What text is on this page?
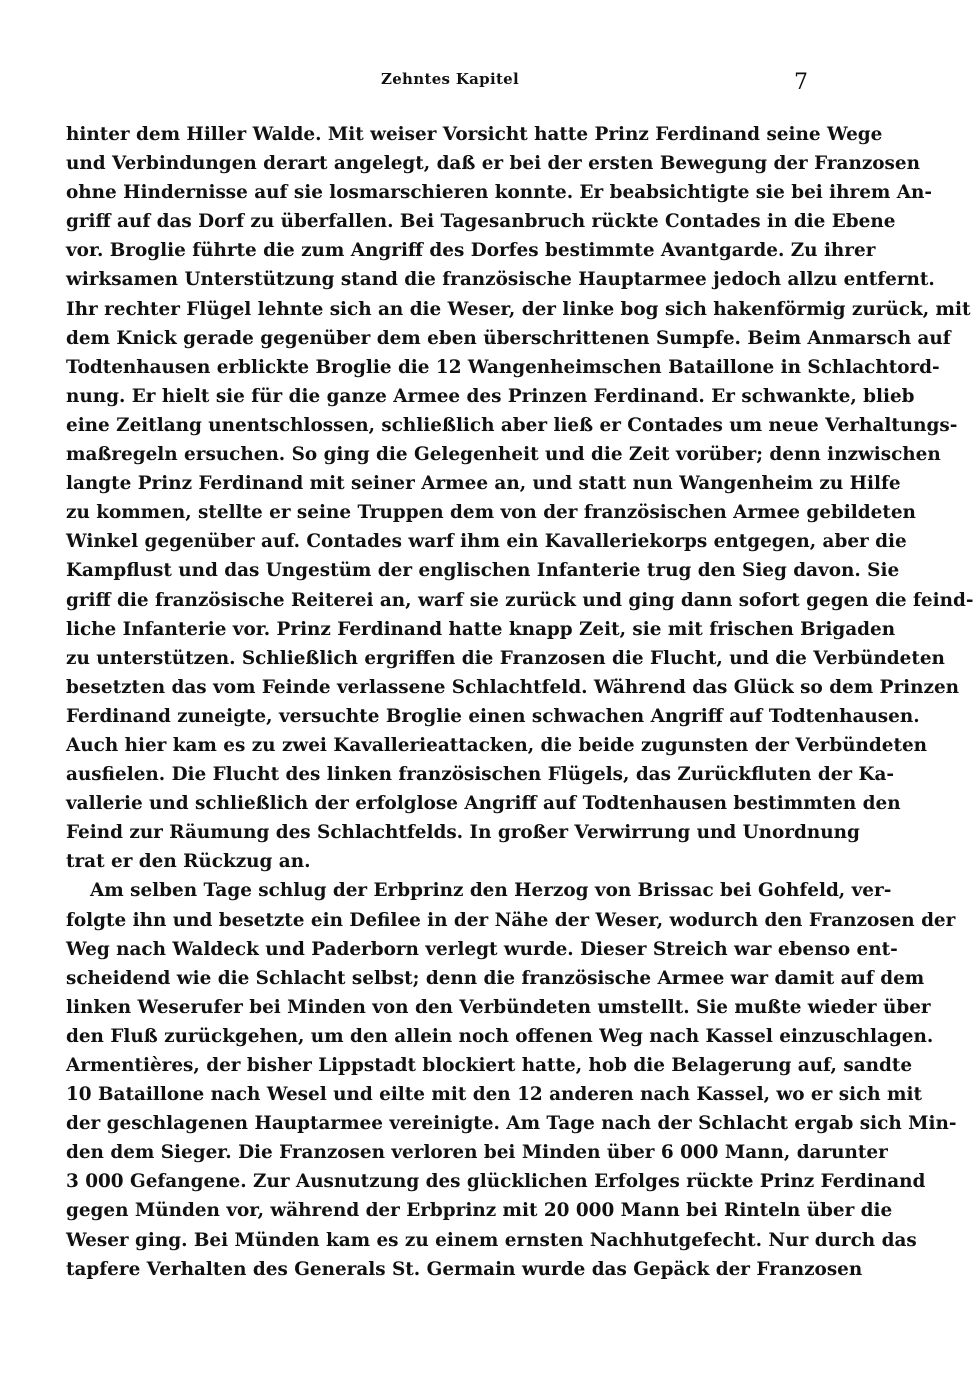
Zehntes Kapitel	7
hinter dem Hiller Walde. Mit weiser Vorsicht hatte Prinz Ferdinand seine Wege
und Verbindungen derart angelegt, daß er bei der ersten Bewegung der Franzosen
ohne Hindernisse auf sie losmarschieren konnte. Er beabsichtigte sie bei ihrem An-
griff auf das Dorf zu überfallen. Bei Tagesanbruch rückte Contades in die Ebene
vor. Broglie führte die zum Angriff des Dorfes bestimmte Avantgarde. Zu ihrer
wirksamen Unterstützung stand die französische Hauptarmee jedoch allzu entfernt.
Ihr rechter Flügel lehnte sich an die Weser, der linke bog sich hakenförmig zurück, mit
dem Knick gerade gegenüber dem eben überschrittenen Sumpfe. Beim Anmarsch auf
Todtenhausen erblickte Broglie die 12 Wangenheimschen Bataillone in Schlachtord-
nung. Er hielt sie für die ganze Armee des Prinzen Ferdinand. Er schwankte, blieb
eine Zeitlang unentschlossen, schließlich aber ließ er Contades um neue Verhaltungs-
maßregeln ersuchen. So ging die Gelegenheit und die Zeit vorüber; denn inzwischen
langte Prinz Ferdinand mit seiner Armee an, und statt nun Wangenheim zu Hilfe
zu kommen, stellte er seine Truppen dem von der französischen Armee gebildeten
Winkel gegenüber auf. Contades warf ihm ein Kavalleriekorps entgegen, aber die
Kampflust und das Ungestüm der englischen Infanterie trug den Sieg davon. Sie
griff die französische Reiterei an, warf sie zurück und ging dann sofort gegen die feind-
liche Infanterie vor. Prinz Ferdinand hatte knapp Zeit, sie mit frischen Brigaden
zu unterstützen. Schließlich ergriffen die Franzosen die Flucht, und die Verbündeten
besetzten das vom Feinde verlassene Schlachtfeld. Während das Glück so dem Prinzen
Ferdinand zuneigte, versuchte Broglie einen schwachen Angriff auf Todtenhausen.
Auch hier kam es zu zwei Kavallerieattacken, die beide zugunsten der Verbündeten
ausfielen. Die Flucht des linken französischen Flügels, das Zurückfluten der Ka-
vallerie und schließlich der erfolglose Angriff auf Todtenhausen bestimmten den
Feind zur Räumung des Schlachtfelds. In großer Verwirrung und Unordnung
trat er den Rückzug an.
Am selben Tage schlug der Erbprinz den Herzog von Brissac bei Gohfeld, ver-
folgte ihn und besetzte ein Defilee in der Nähe der Weser, wodurch den Franzosen der
Weg nach Waldeck und Paderborn verlegt wurde. Dieser Streich war ebenso ent-
scheidend wie die Schlacht selbst; denn die französische Armee war damit auf dem
linken Weserufer bei Minden von den Verbündeten umstellt. Sie mußte wieder über
den Fluß zurückgehen, um den allein noch offenen Weg nach Kassel einzuschlagen.
Armentières, der bisher Lippstadt blockiert hatte, hob die Belagerung auf, sandte
10 Bataillone nach Wesel und eilte mit den 12 anderen nach Kassel, wo er sich mit
der geschlagenen Hauptarmee vereinigte. Am Tage nach der Schlacht ergab sich Min-
den dem Sieger. Die Franzosen verloren bei Minden über 6 000 Mann, darunter
3 000 Gefangene. Zur Ausnutzung des glücklichen Erfolges rückte Prinz Ferdinand
gegen Münden vor, während der Erbprinz mit 20 000 Mann bei Rinteln über die
Weser ging. Bei Münden kam es zu einem ernsten Nachhutgefecht. Nur durch das
tapfere Verhalten des Generals St. Germain wurde das Gepäck der Franzosen
